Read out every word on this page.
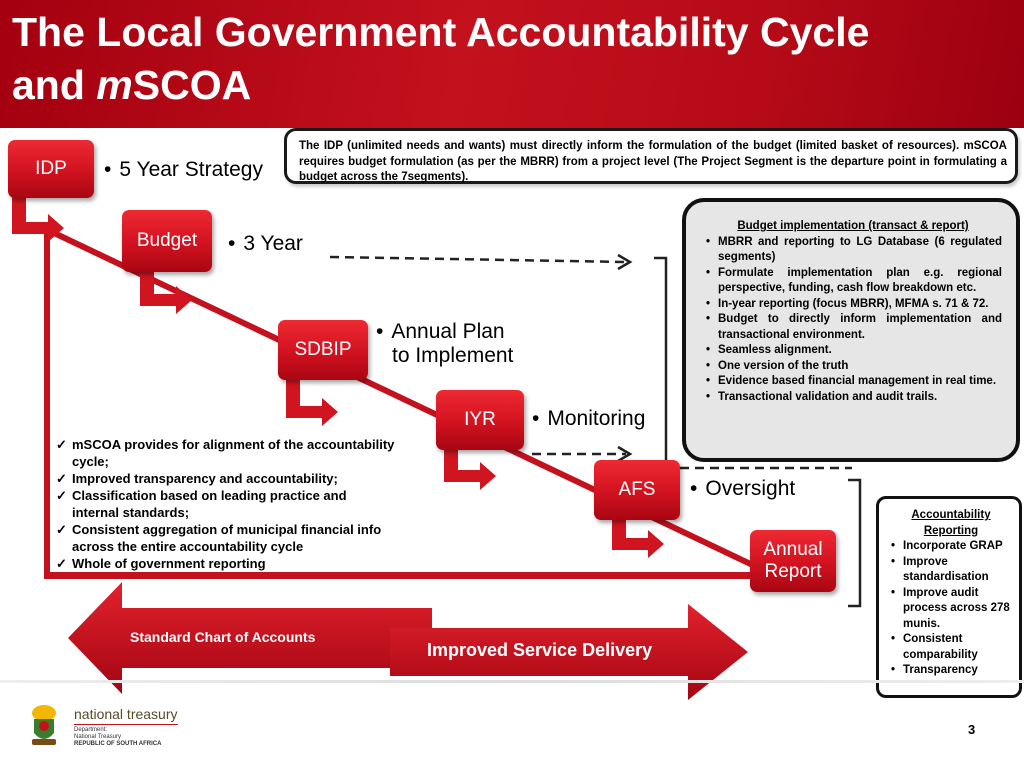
The Local Government Accountability Cycle
and mSCOA
IDP	• 5 Year Strategy
Budget	• 3 Year
SDBIP
• Annual Plan
to Implement
IYR	• Monitoring
AFS	• Oversight
Annual
Report
The IDP (unlimited needs and wants) must directly inform the formulation of the budget (limited basket of resources). mSCOA requires budget formulation (as per the MBRR) from a project level (The Project Segment is the departure point in formulating a budget across the 7segments).
Budget implementation (transact & report)
• MBRR and reporting to LG Database (6 regulated segments)
• Formulate implementation plan e.g. regional perspective, funding, cash flow breakdown etc.
• In-year reporting (focus MBRR), MFMA s. 71 & 72.
• Budget to directly inform implementation and transactional environment.
• Seamless alignment.
• One version of the truth
• Evidence based financial management in real time.
• Transactional validation and audit trails.
Accountability Reporting
• Incorporate GRAP
• Improve standardisation
• Improve audit process across 278 munis.
• Consistent comparability
• Transparency
✓ mSCOA provides for alignment of the accountability cycle;
✓ Improved transparency and accountability;
✓ Classification based on leading practice and internal standards;
✓ Consistent aggregation of municipal financial info across the entire accountability cycle
✓ Whole of government reporting
Standard Chart of Accounts
Improved Service Delivery
national treasury
Department:
National Treasury
REPUBLIC OF SOUTH AFRICA
3
